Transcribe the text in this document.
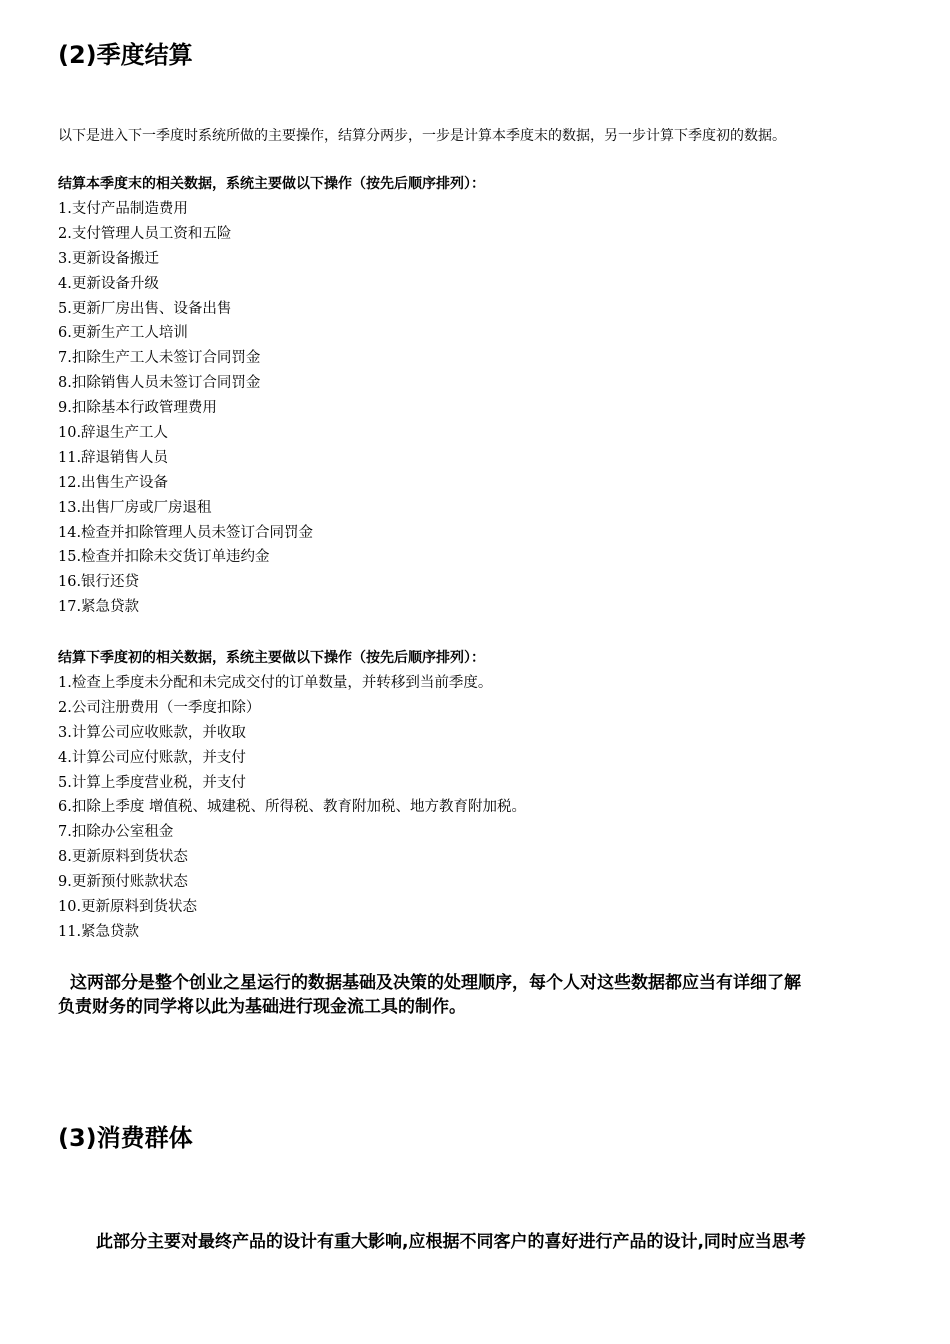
(2)季度结算

以下是进入下一季度时系统所做的主要操作，结算分两步，一步是计算本季度末的数据，另一步计算下季度初的数据。

结算本季度末的相关数据，系统主要做以下操作（按先后顺序排列）：

1.支付产品制造费用
2.支付管理人员工资和五险
3.更新设备搬迁
4.更新设备升级
5.更新厂房出售、设备出售
6.更新生产工人培训
7.扣除生产工人未签订合同罚金
8.扣除销售人员未签订合同罚金
9.扣除基本行政管理费用
10.辞退生产工人
11.辞退销售人员
12.出售生产设备
13.出售厂房或厂房退租
14.检查并扣除管理人员未签订合同罚金
15.检查并扣除未交货订单违约金
16.银行还贷
17.紧急贷款

结算下季度初的相关数据，系统主要做以下操作（按先后顺序排列）：

1.检查上季度未分配和未完成交付的订单数量，并转移到当前季度。
2.公司注册费用（一季度扣除）
3.计算公司应收账款，并收取
4.计算公司应付账款，并支付
5.计算上季度营业税，并支付
6.扣除上季度 增值税、城建税、所得税、教育附加税、地方教育附加税。
7.扣除办公室租金
8.更新原料到货状态
9.更新预付账款状态
10.更新原料到货状态
11.紧急贷款

这两部分是整个创业之星运行的数据基础及决策的处理顺序，每个人对这些数据都应当有详细了解
负责财务的同学将以此为基础进行现金流工具的制作。

(3)消费群体

此部分主要对最终产品的设计有重大影响,应根据不同客户的喜好进行产品的设计,同时应当思考
